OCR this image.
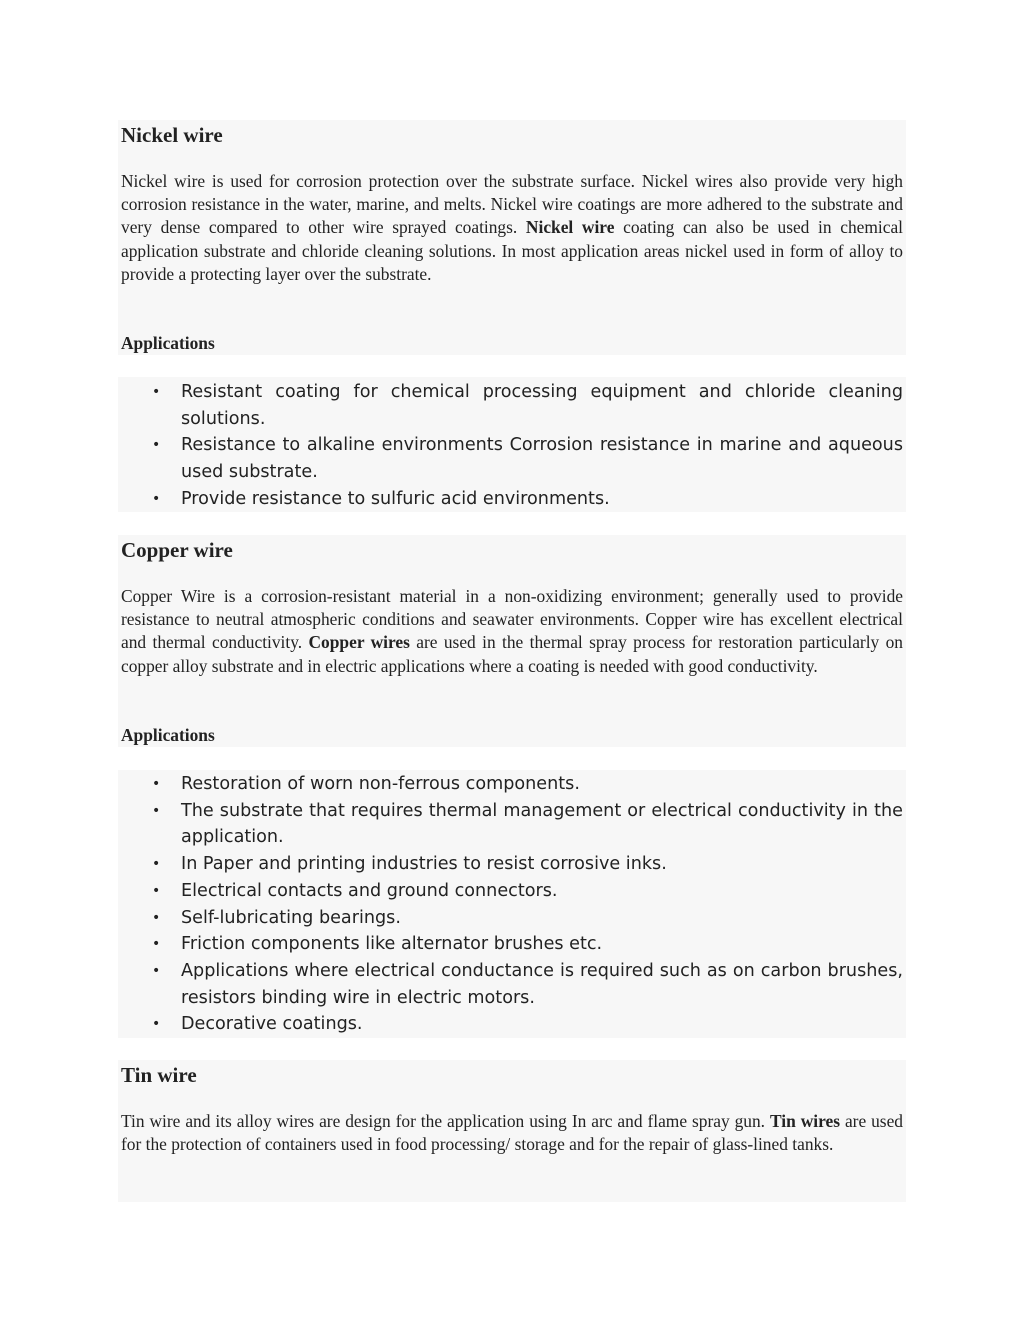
Nickel wire

Nickel wire is used for corrosion protection over the substrate surface. Nickel wires also provide very high corrosion resistance in the water, marine, and melts. Nickel wire coatings are more adhered to the substrate and very dense compared to other wire sprayed coatings. Nickel wire coating can also be used in chemical application substrate and chloride cleaning solutions. In most application areas nickel used in form of alloy to provide a protecting layer over the substrate.

Applications
• Resistant coating for chemical processing equipment and chloride cleaning solutions.
• Resistance to alkaline environments Corrosion resistance in marine and aqueous used substrate.
• Provide resistance to sulfuric acid environments.
Copper wire

Copper Wire is a corrosion-resistant material in a non-oxidizing environment; generally used to provide resistance to neutral atmospheric conditions and seawater environments. Copper wire has excellent electrical and thermal conductivity. Copper wires are used in the thermal spray process for restoration particularly on copper alloy substrate and in electric applications where a coating is needed with good conductivity.

Applications
• Restoration of worn non-ferrous components.
• The substrate that requires thermal management or electrical conductivity in the application.
• In Paper and printing industries to resist corrosive inks.
• Electrical contacts and ground connectors.
• Self-lubricating bearings.
• Friction components like alternator brushes etc.
• Applications where electrical conductance is required such as on carbon brushes, resistors binding wire in electric motors.
• Decorative coatings.
Tin wire

Tin wire and its alloy wires are design for the application using In arc and flame spray gun. Tin wires are used for the protection of containers used in food processing/ storage and for the repair of glass-lined tanks.
